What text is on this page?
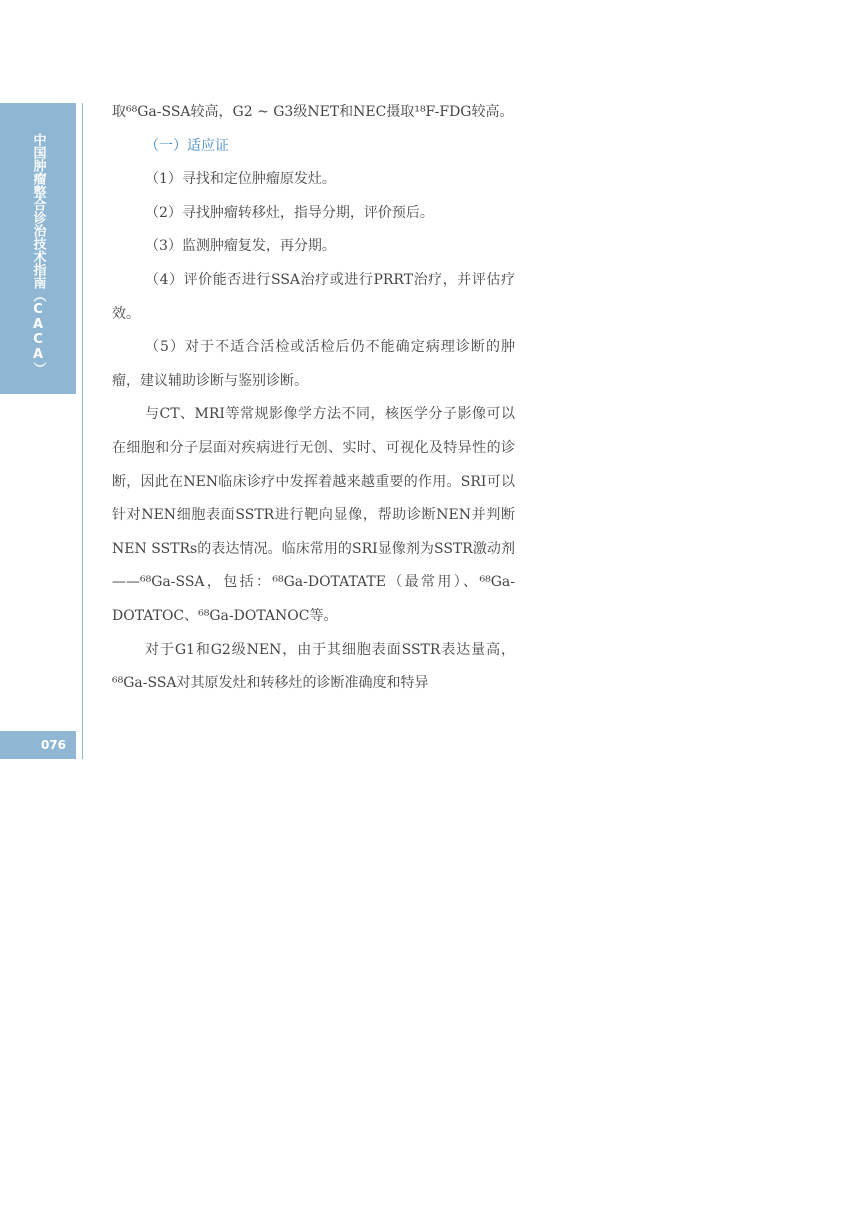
中国肿瘤整合诊治技术指南（CACA）
076

取⁶⁸Ga-SSA较高，G2 ~ G3级NET和NEC摄取¹⁸F-FDG较高。

（一）适应证

（1）寻找和定位肿瘤原发灶。

（2）寻找肿瘤转移灶，指导分期，评价预后。

（3）监测肿瘤复发，再分期。

（4）评价能否进行SSA治疗或进行PRRT治疗，并评估疗效。

（5）对于不适合活检或活检后仍不能确定病理诊断的肿瘤，建议辅助诊断与鉴别诊断。

与CT、MRI等常规影像学方法不同，核医学分子影像可以在细胞和分子层面对疾病进行无创、实时、可视化及特异性的诊断，因此在NEN临床诊疗中发挥着越来越重要的作用。SRI可以针对NEN细胞表面SSTR进行靶向显像，帮助诊断NEN并判断NEN SSTRs的表达情况。临床常用的SRI显像剂为SSTR激动剂——⁶⁸Ga-SSA，包括：⁶⁸Ga-DOTATATE（最常用）、⁶⁸Ga-DOTATOC、⁶⁸Ga-DOTANOC等。

对于G1和G2级NEN，由于其细胞表面SSTR表达量高，⁶⁸Ga-SSA对其原发灶和转移灶的诊断准确度和特异
